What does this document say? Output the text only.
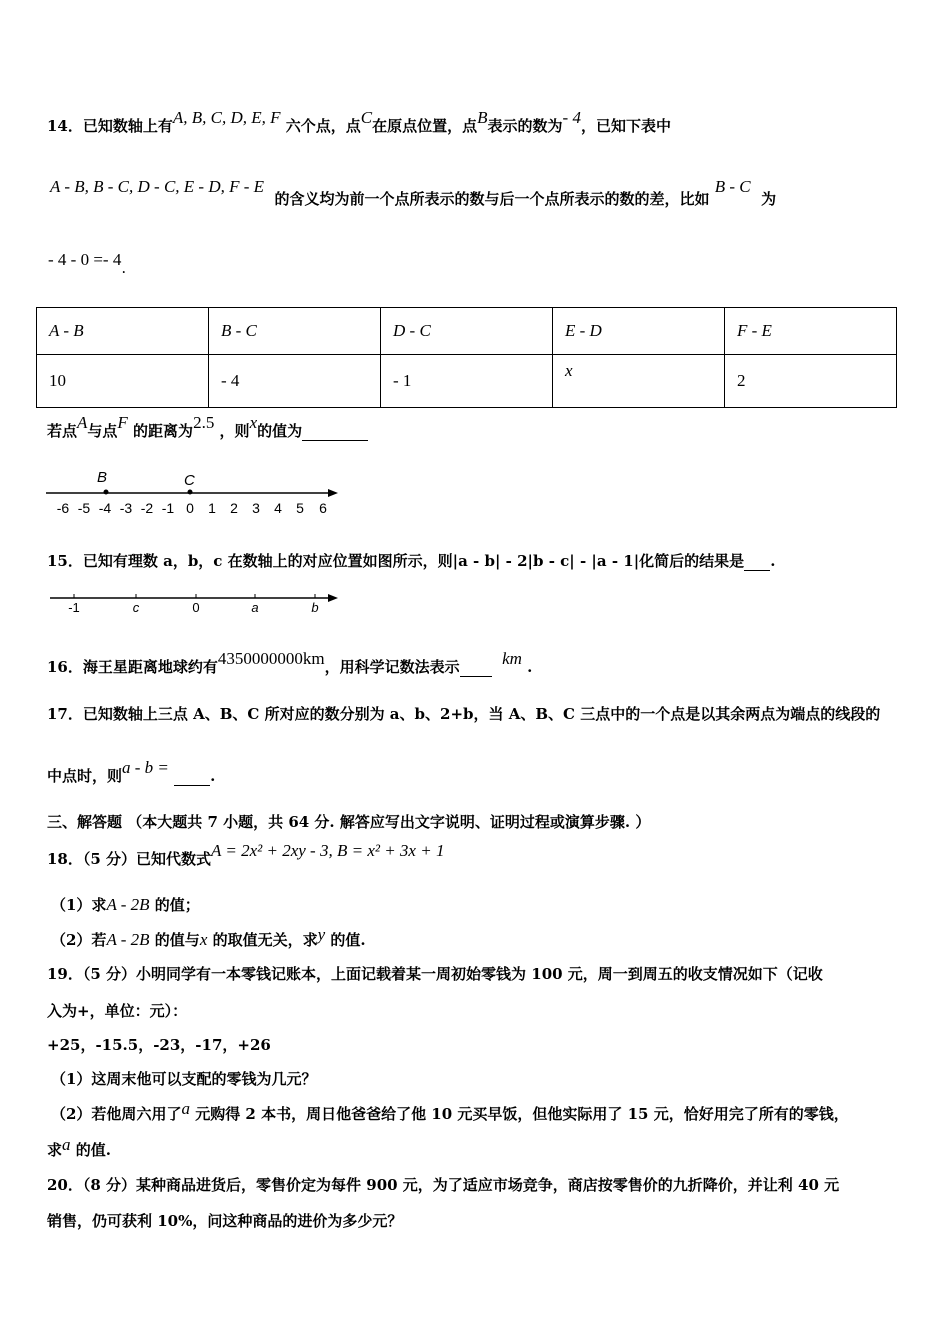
14．已知数轴上有A, B, C, D, E, F 六个点，点C在原点位置，点B表示的数为- 4，已知下表中
A - B, B - C, D - C, E - D, F - E  的含义均为前一个点所表示的数与后一个点所表示的数的差，比如 B - C  为
- 4 - 0 =- 4.
A - B	B - C	D - C	E - D	F - E
10	- 4	- 1	x	2
若点A与点F 的距离为2.5 ，则x的值为
B	C
-6 -5 -4 -3 -2 -1 0 1 2 3 4 5 6
15．已知有理数 a，b，c 在数轴上的对应位置如图所示，则|a - b| - 2|b - c| - |a - 1|化简后的结果是 .
-1	c	0	a	b
16．海王星距离地球约有4350000000km，用科学记数法表示 km .
17．已知数轴上三点 A、B、C 所对应的数分别为 a、b、2+b，当 A、B、C 三点中的一个点是以其余两点为端点的线段的
中点时，则a - b =	.
三、解答题 （本大题共 7 小题，共 64 分. 解答应写出文字说明、证明过程或演算步骤. ）
18．（5 分）已知代数式A = 2x² + 2xy - 3, B = x² + 3x + 1
（1）求A - 2B 的值；
（2）若A - 2B 的值与x 的取值无关，求y 的值.
19．（5 分）小明同学有一本零钱记账本，上面记载着某一周初始零钱为 100 元，周一到周五的收支情况如下（记收
入为+，单位：元）：
+25，-15.5，-23，-17，+26
（1）这周末他可以支配的零钱为几元？
（2）若他周六用了a 元购得 2 本书，周日他爸爸给了他 10 元买早饭，但他实际用了 15 元，恰好用完了所有的零钱，
求a 的值.
20．（8 分）某种商品进货后，零售价定为每件 900 元，为了适应市场竞争，商店按零售价的九折降价，并让利 40 元
销售，仍可获利 10%，问这种商品的进价为多少元？
